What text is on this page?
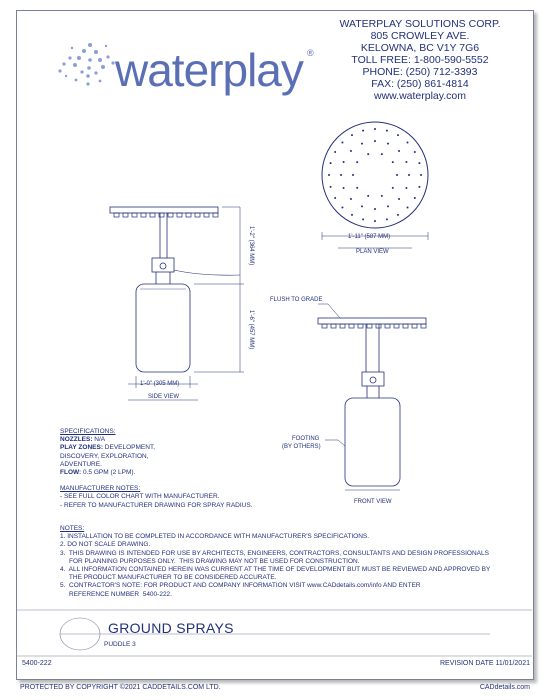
1'-11" (587 MM)
PLAN VIEW
1'-2" (364 MM)
1'-6" (457 MM)
1'-0" (305 MM)
SIDE VIEW
FLUSH TO GRADE
FOOTING
(BY OTHERS)
FRONT VIEW
waterplay ®
WATERPLAY SOLUTIONS CORP.
805 CROWLEY AVE.
KELOWNA, BC V1Y 7G6
TOLL FREE: 1-800-590-5552
PHONE: (250) 712-3393
FAX: (250) 861-4814
www.waterplay.com
SPECIFICATIONS:
NOZZLES: N/A
PLAY ZONES: DEVELOPMENT,
DISCOVERY, EXPLORATION,
ADVENTURE.
FLOW: 0.5 GPM (2 LPM).
MANUFACTURER NOTES:
- SEE FULL COLOR CHART WITH MANUFACTURER.
- REFER TO MANUFACTURER DRAWING FOR SPRAY RADIUS.
NOTES:
1. INSTALLATION TO BE COMPLETED IN ACCORDANCE WITH MANUFACTURER'S SPECIFICATIONS.
2. DO NOT SCALE DRAWING.
3.  THIS DRAWING IS INTENDED FOR USE BY ARCHITECTS, ENGINEERS, CONTRACTORS, CONSULTANTS AND DESIGN PROFESSIONALS
FOR PLANNING PURPOSES ONLY.  THIS DRAWING MAY NOT BE USED FOR CONSTRUCTION.
4.  ALL INFORMATION CONTAINED HEREIN WAS CURRENT AT THE TIME OF DEVELOPMENT BUT MUST BE REVIEWED AND APPROVED BY
THE PRODUCT MANUFACTURER TO BE CONSIDERED ACCURATE.
5.  CONTRACTOR'S NOTE: FOR PRODUCT AND COMPANY INFORMATION VISIT www.CADdetails.com/info AND ENTER
REFERENCE NUMBER  5400-222.
GROUND SPRAYS
PUDDLE 3
5400-222	REVISION DATE 11/01/2021
PROTECTED BY COPYRIGHT ©2021 CADDETAILS.COM LTD.	CADdetails.com
